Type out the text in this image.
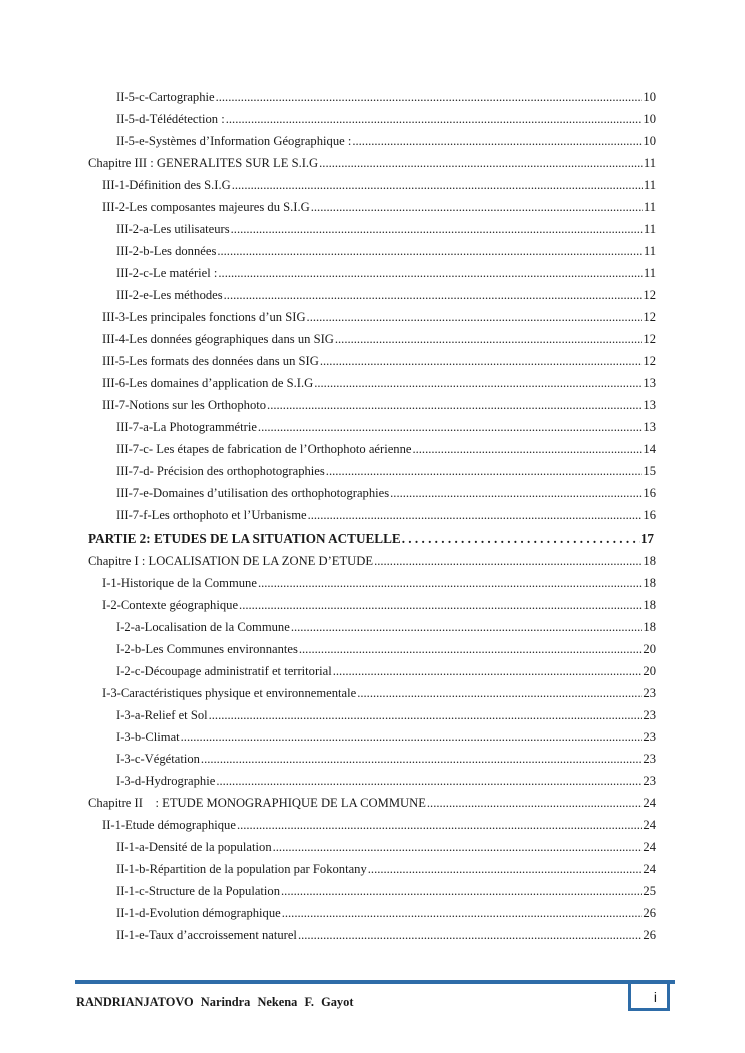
II-5-c-Cartographie .....	10
II-5-d-Télédétection : .....	10
II-5-e-Systèmes d’Information Géographique : .....	10
Chapitre III : GENERALITES SUR LE S.I.G .....	11
III-1-Définition des S.I.G .....	11
III-2-Les composantes majeures du S.I.G .....	11
III-2-a-Les utilisateurs .....	11
III-2-b-Les données .....	11
III-2-c-Le matériel : .....	11
III-2-e-Les méthodes .....	12
III-3-Les principales fonctions d’un SIG .....	12
III-4-Les données géographiques dans un SIG .....	12
III-5-Les formats des données dans un SIG .....	12
III-6-Les domaines d’application de S.I.G .....	13
III-7-Notions sur les Orthophoto .....	13
III-7-a-La Photogrammétrie .....	13
III-7-c- Les étapes de fabrication de l’Orthophoto aérienne .....	14
III-7-d- Précision des orthophotographies .....	15
III-7-e-Domaines d’utilisation des orthophotographies .....	16
III-7-f-Les orthophoto et l’Urbanisme .....	16
PARTIE 2: ETUDES DE LA SITUATION ACTUELLE . . .	17
Chapitre I : LOCALISATION DE LA ZONE D’ETUDE .....	18
I-1-Historique de la Commune .....	18
I-2-Contexte géographique .....	18
I-2-a-Localisation de la Commune .....	18
I-2-b-Les Communes environnantes .....	20
I-2-c-Découpage administratif et territorial .....	20
I-3-Caractéristiques physique et environnementale .....	23
I-3-a-Relief et Sol .....	23
I-3-b-Climat .....	23
I-3-c-Végétation .....	23
I-3-d-Hydrographie .....	23
Chapitre II    : ETUDE MONOGRAPHIQUE DE LA COMMUNE .....	24
II-1-Etude démographique .....	24
II-1-a-Densité de la population .....	24
II-1-b-Répartition de la population par Fokontany .....	24
II-1-c-Structure de la Population .....	25
II-1-d-Evolution démographique .....	26
II-1-e-Taux d’accroissement naturel .....	26
i
RANDRIANJATOVO Narindra Nekena F. Gayot
